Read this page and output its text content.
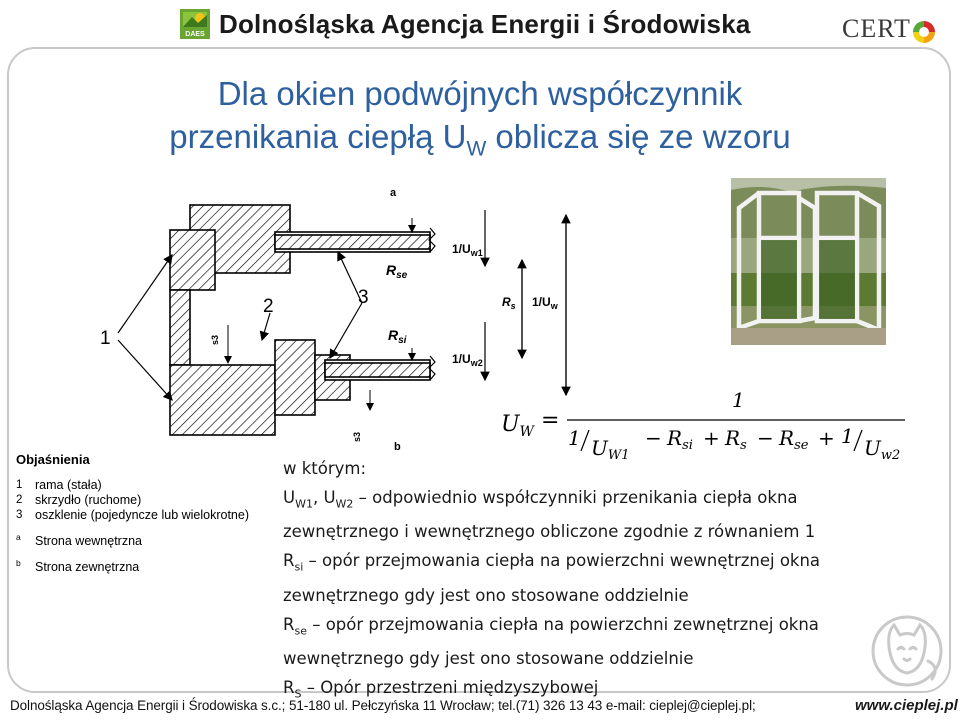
DAES Dolnośląska Agencja Energii i Środowiska	CERT
Dla okien podwójnych współczynnik
przenikania ciepłą $U_W$ oblicza się ze wzoru
a
b
1
2	3
$R_{se}$
$R_{si}$
$R_s$
$1/U_{w1}$
$1/U_{w2}$
$1/U_w$
s3
s3	$U_W$ =
1
1 $U_{W1}$
− $R_{si} + R_s - R_{se} + 1$ $U_{w2}$
Objaśnienia
1 rama (stała)
2 skrzydło (ruchome)
3 oszklenie (pojedyncze lub wielokrotne)
a Strona wewnętrzna
b Strona zewnętrzna
w którym:
$U_{W1}$, $U_{W2}$ – odpowiednio współczynniki przenikania ciepła okna
zewnętrznego i wewnętrznego obliczone zgodnie z równaniem 1
$R_{si}$ – opór przejmowania ciepła na powierzchni wewnętrznej okna
zewnętrznego gdy jest ono stosowane oddzielnie
$R_{se}$ – opór przejmowania ciepła na powierzchni zewnętrznej okna
wewnętrznego gdy jest ono stosowane oddzielnie
$R_S$ – Opór przestrzeni międzyszybowej
Dolnośląska Agencja Energii i Środowiska s.c.; 51-180 ul. Pełczyńska 11 Wrocław; tel.(71) 326 13 43 e-mail: cieplej@cieplej.pl;	www.cieplej.pl
